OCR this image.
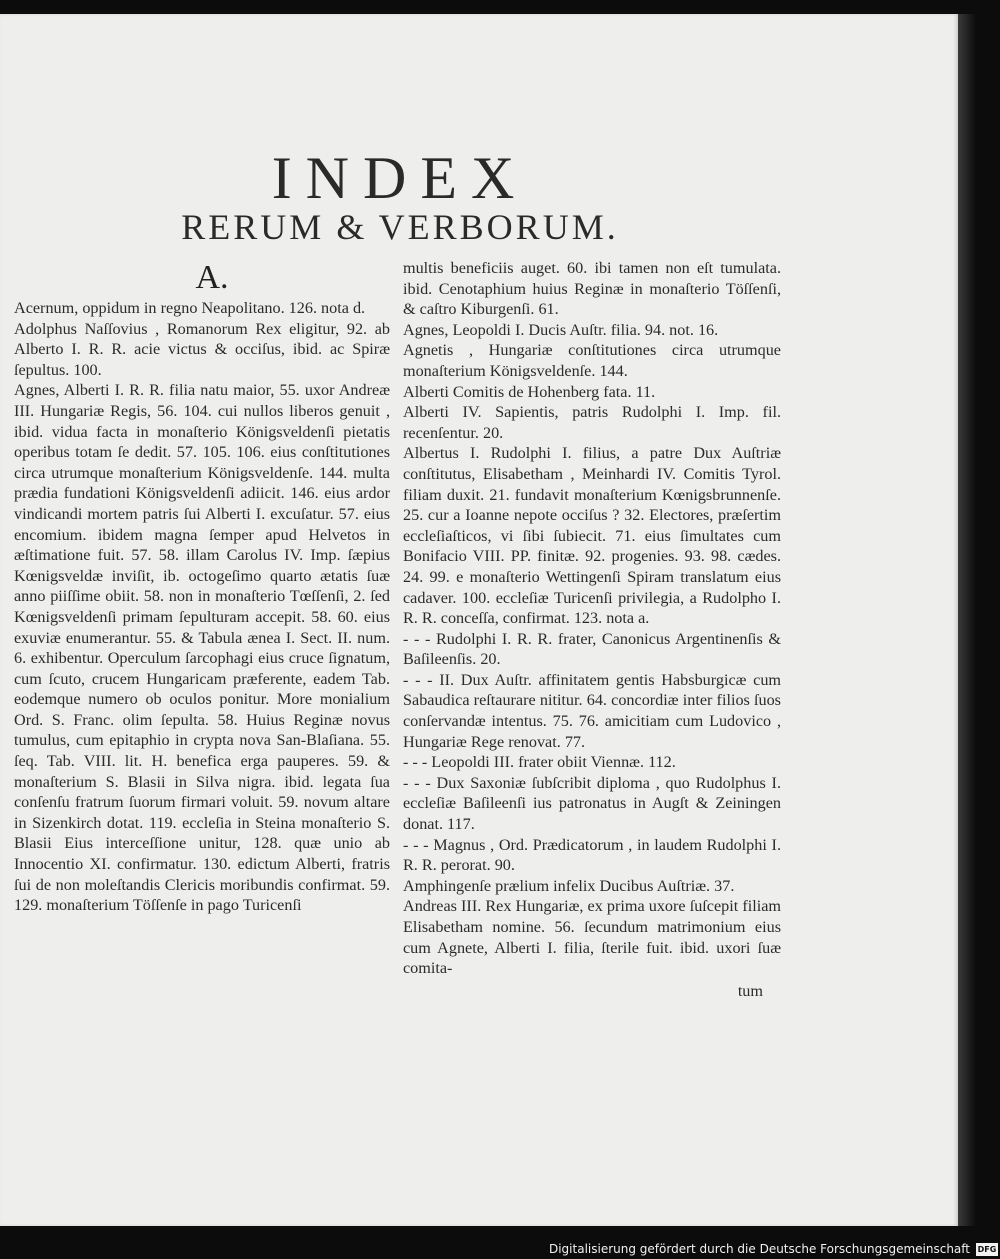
INDEX
RERUM & VERBORUM.
A.

Acernum, oppidum in regno Neapolitano. 126. nota d.

Adolphus Naſſovius , Romanorum Rex eligitur, 92. ab Alberto I. R. R. acie victus & occiſus, ibid. ac Spiræ ſepultus. 100.

Agnes, Alberti I. R. R. filia natu maior, 55. uxor Andreæ III. Hungariæ Regis, 56. 104. cui nullos liberos genuit , ibid. vidua facta in monaſterio Königsveldenſi pietatis operibus totam ſe dedit. 57. 105. 106. eius conſtitutiones circa utrumque monaſterium Königsveldenſe. 144. multa prædia fundationi Königsveldenſi adiicit. 146. eius ardor vindicandi mortem patris ſui Alberti I. excuſatur. 57. eius encomium. ibidem magna ſemper apud Helvetos in æſtimatione fuit. 57. 58. illam Carolus IV. Imp. ſæpius Kœnigsveldæ inviſit, ib. octogeſimo quarto ætatis ſuæ anno piiſſime obiit. 58. non in monaſterio Tœſſenſi, 2. ſed Kœnigsveldenſi primam ſepulturam accepit. 58. 60. eius exuviæ enumerantur. 55. & Tabula ænea I. Sect. II. num. 6. exhibentur. Operculum ſarcophagi eius cruce ſignatum, cum ſcuto, crucem Hungaricam præferente, eadem Tab. eodemque numero ob oculos ponitur. More monialium Ord. S. Franc. olim ſepulta. 58. Huius Reginæ novus tumulus, cum epitaphio in crypta nova San-Blaſiana. 55. ſeq. Tab. VIII. lit. H. benefica erga pauperes. 59. & monaſterium S. Blasii in Silva nigra. ibid. legata ſua conſenſu fratrum ſuorum firmari voluit. 59. novum altare in Sizenkirch dotat. 119. eccleſia in Steina monaſterio S. Blasii Eius interceſſione unitur, 128. quæ unio ab Innocentio XI. confirmatur. 130. edictum Alberti, fratris ſui de non moleſtandis Clericis moribundis confirmat. 59. 129. monaſterium Töſſenſe in pago Turicenſi

multis beneficiis auget. 60. ibi tamen non eſt tumulata. ibid. Cenotaphium huius Reginæ in monaſterio Töſſenſi, & caſtro Kiburgenſi. 61.

Agnes, Leopoldi I. Ducis Auſtr. filia. 94. not. 16.

Agnetis , Hungariæ conſtitutiones circa utrumque monaſterium Königsveldenſe. 144.

Alberti Comitis de Hohenberg fata. 11.

Alberti IV. Sapientis, patris Rudolphi I. Imp. fil. recenſentur. 20.

Albertus I. Rudolphi I. filius, a patre Dux Auſtriæ conſtitutus, Elisabetham , Meinhardi IV. Comitis Tyrol. filiam duxit. 21. fundavit monaſterium Kœnigsbrunnenſe. 25. cur a Ioanne nepote occiſus ? 32. Electores, præſertim eccleſiaſticos, vi ſibi ſubiecit. 71. eius ſimultates cum Bonifacio VIII. PP. finitæ. 92. progenies. 93. 98. cædes. 24. 99. e monaſterio Wettingenſi Spiram translatum eius cadaver. 100. eccleſiæ Turicenſi privilegia, a Rudolpho I. R. R. conceſſa, confirmat. 123. nota a.

- - - Rudolphi I. R. R. frater, Canonicus Argentinenſis & Baſileenſis. 20.

- - - II. Dux Auſtr. affinitatem gentis Habsburgicæ cum Sabaudica reſtaurare nititur. 64. concordiæ inter filios ſuos conſervandæ intentus. 75. 76. amicitiam cum Ludovico , Hungariæ Rege renovat. 77.

- - - Leopoldi III. frater obiit Viennæ. 112.

- - - Dux Saxoniæ ſubſcribit diploma , quo Rudolphus I. eccleſiæ Baſileenſi ius patronatus in Augſt & Zeiningen donat. 117.

- - - Magnus , Ord. Prædicatorum , in laudem Rudolphi I. R. R. perorat. 90.

Amphingenſe prælium infelix Ducibus Auſtriæ. 37.

Andreas III. Rex Hungariæ, ex prima uxore ſuſcepit filiam Elisabetham nomine. 56. ſecundum matrimonium eius cum Agnete, Alberti I. filia, ſterile fuit. ibid. uxori ſuæ comita-

tum
Digitalisierung gefördert durch die Deutsche Forschungsgemeinschaft DFG
